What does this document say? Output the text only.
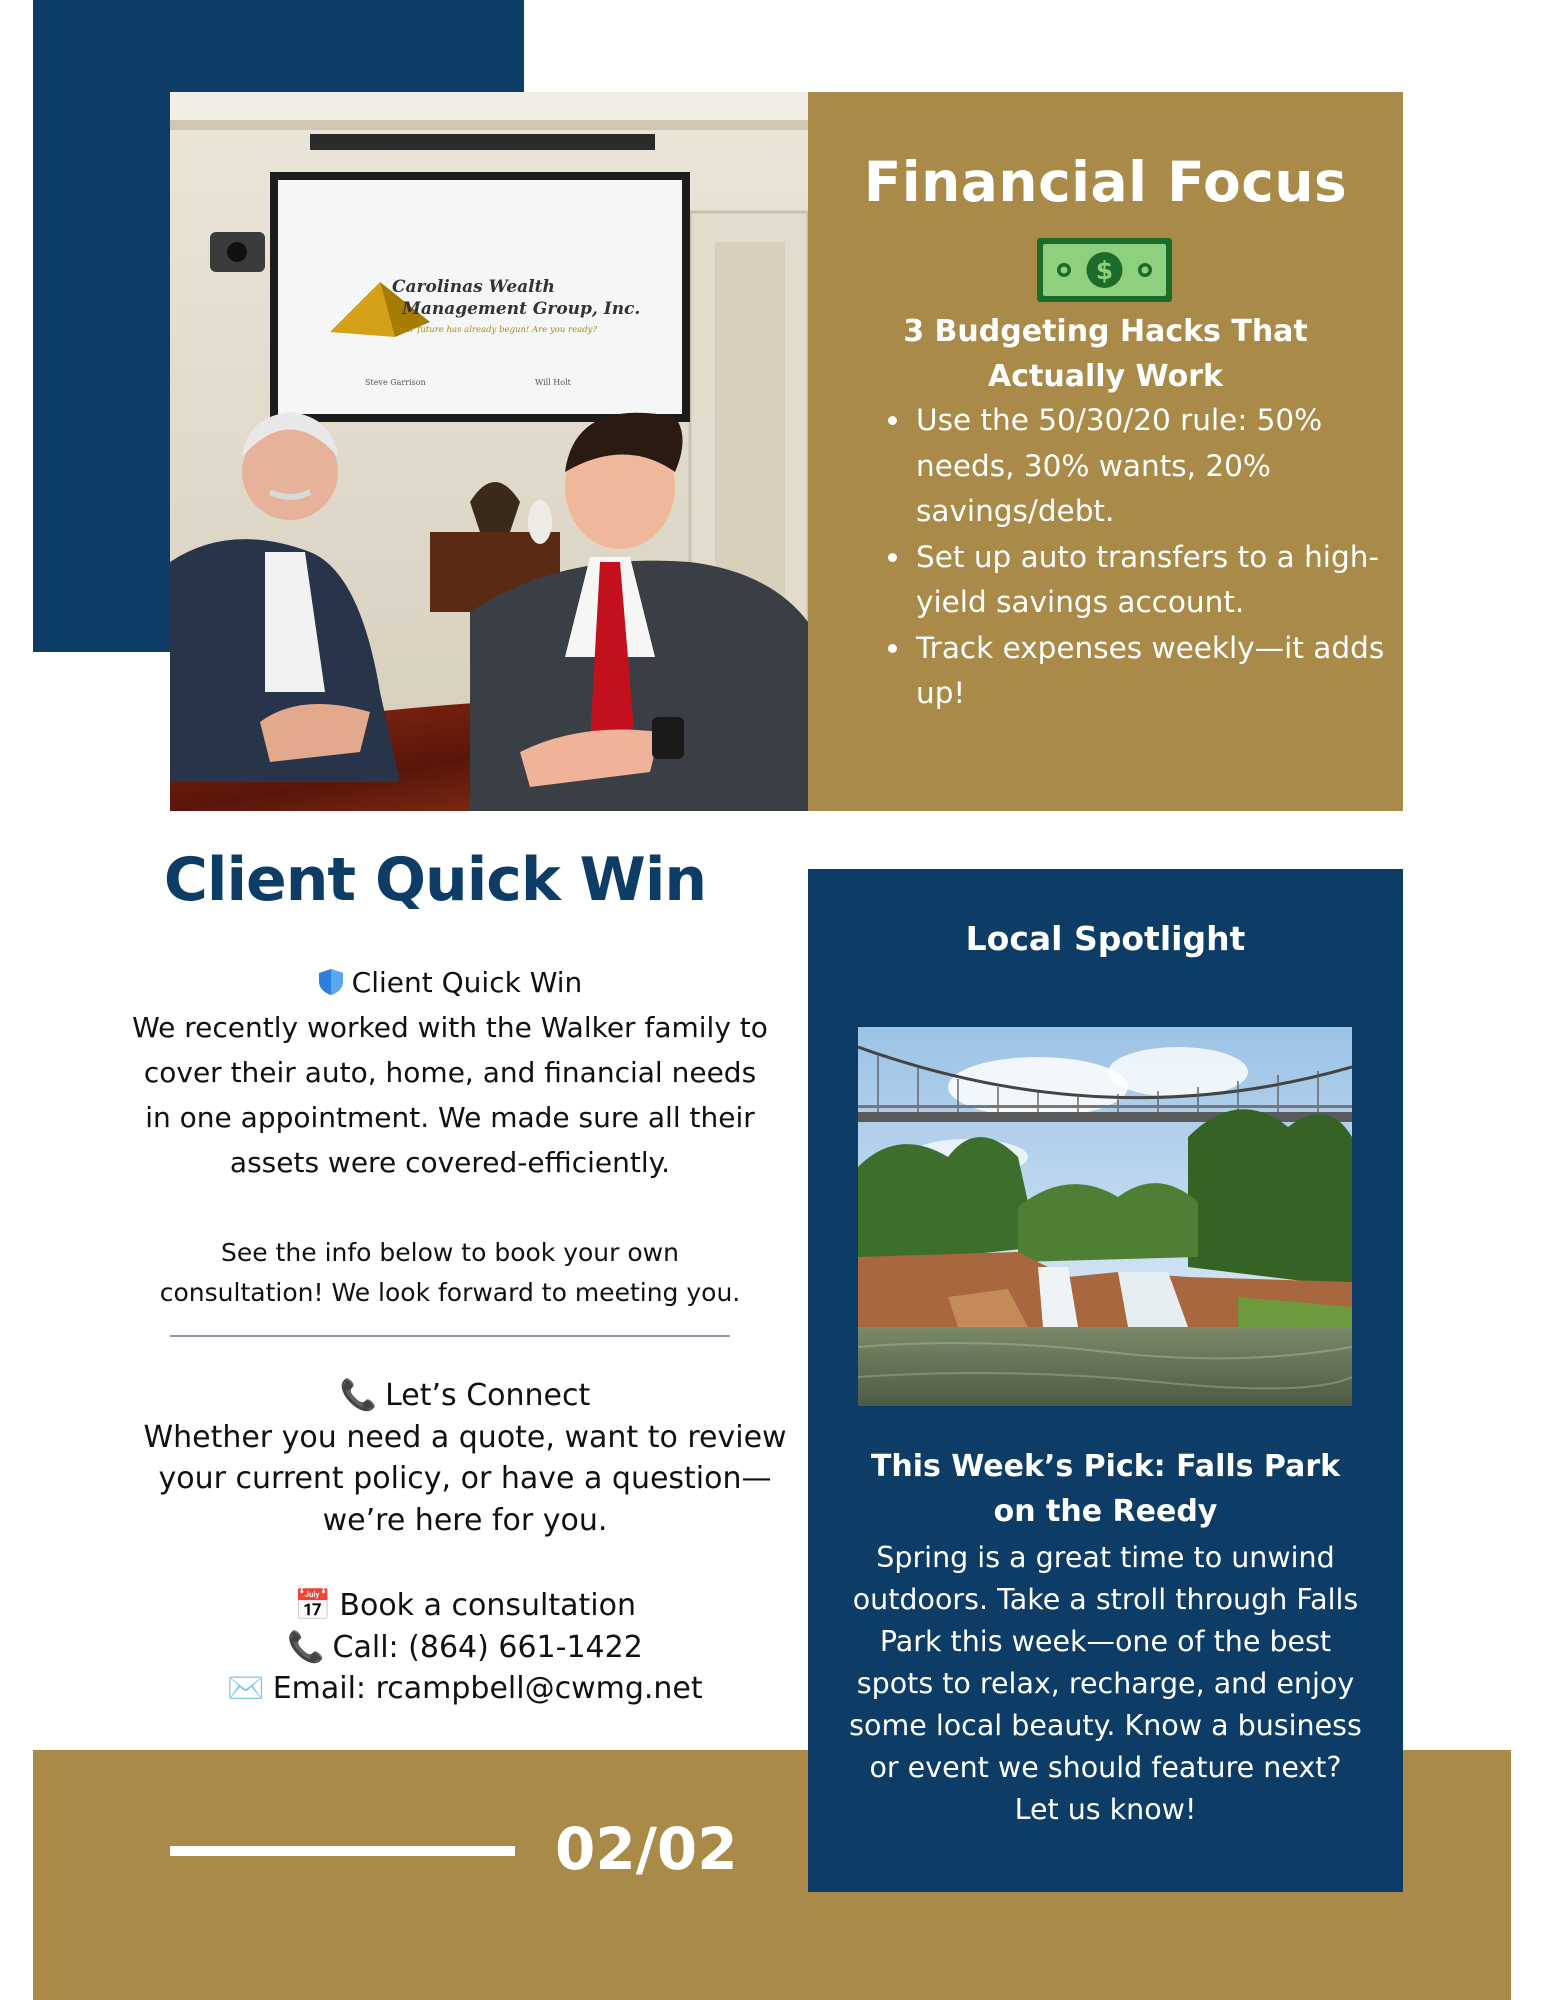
Carolinas Wealth
Management Group, Inc.
Your future has already begun! Are you ready?
Steve Garrison	Will Holt
Financial Focus
$
3 Budgeting Hacks That Actually Work
• Use the 50/30/20 rule: 50% needs, 30% wants, 20% savings/debt.
• Set up auto transfers to a high-yield savings account.
• Track expenses weekly—it adds up!
Client Quick Win
Client Quick Win
We recently worked with the Walker family to cover their auto, home, and financial needs in one appointment. We made sure all their assets were covered-efficiently.
See the info below to book your own consultation! We look forward to meeting you.
📞 Let’s Connect
Whether you need a quote, want to review your current policy, or have a question—we’re here for you.
📅 Book a consultation
📞 Call: (864) 661-1422
✉️ Email: rcampbell@cwmg.net
Local Spotlight
This Week’s Pick: Falls Park on the Reedy
Spring is a great time to unwind outdoors. Take a stroll through Falls Park this week—one of the best spots to relax, recharge, and enjoy some local beauty. Know a business or event we should feature next? Let us know!
02/02
